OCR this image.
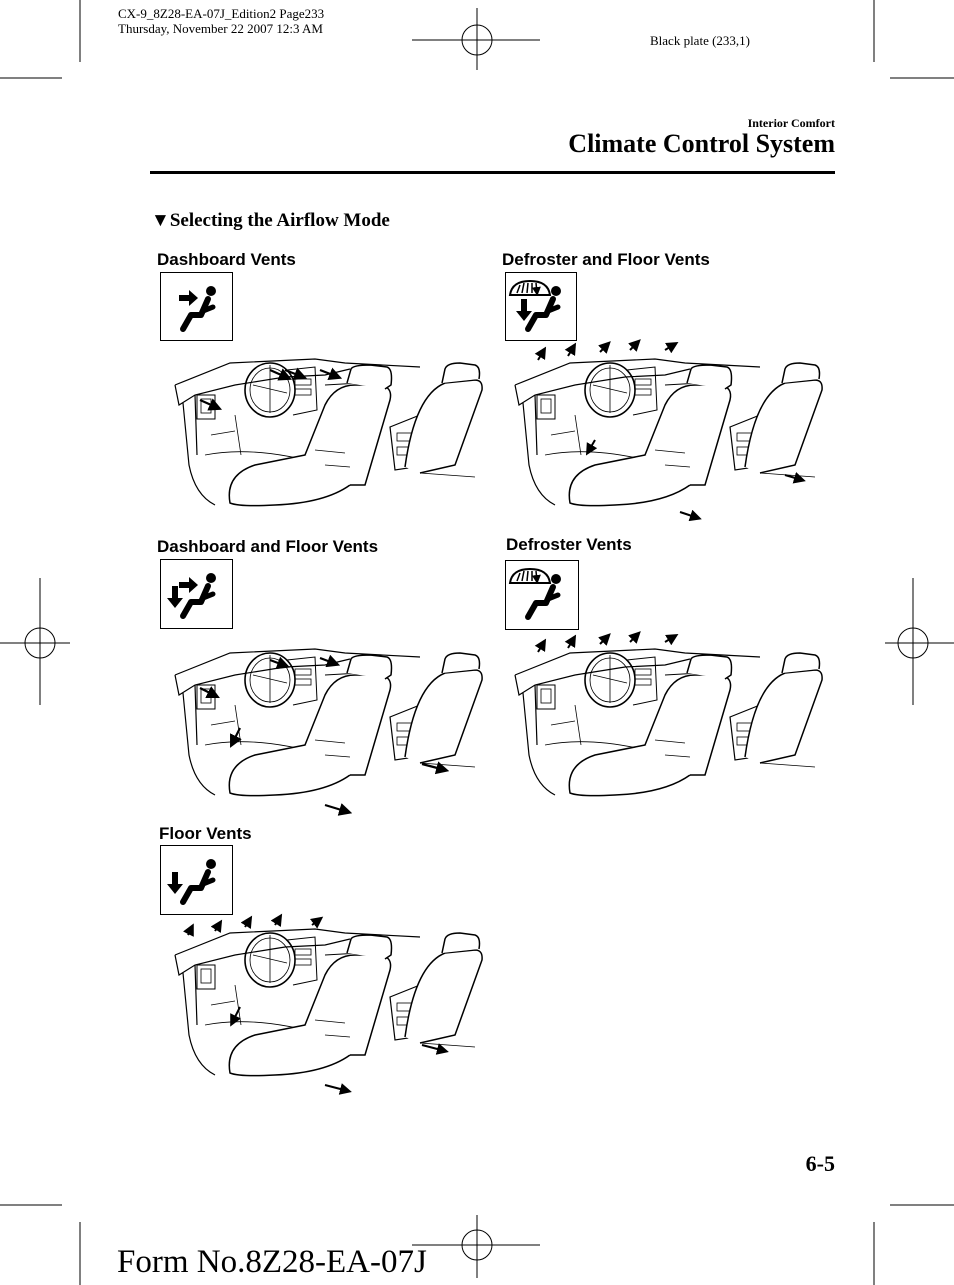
CX-9_8Z28-EA-07J_Edition2 Page233
Thursday, November 22 2007 12:3 AM
Black plate (233,1)
Interior Comfort
Climate Control System
▼Selecting the Airflow Mode
Dashboard Vents	Defroster and Floor Vents
Dashboard and Floor Vents	Defroster Vents
Floor Vents
6-5
Form No.8Z28-EA-07J
